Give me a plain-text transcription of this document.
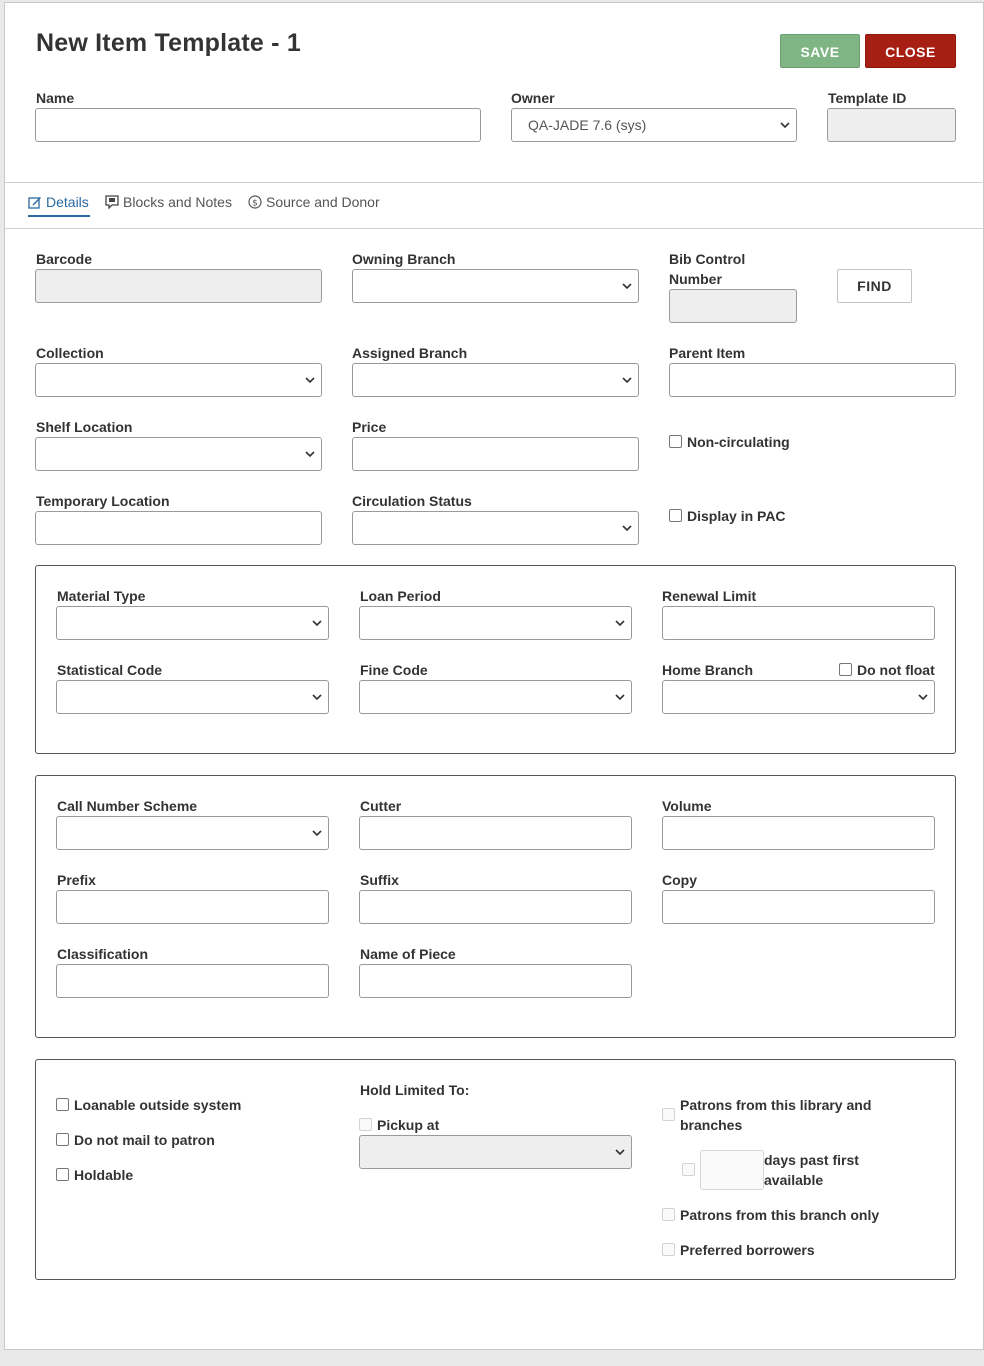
New Item Template - 1	SAVE	CLOSE
Name	Owner
QA-JADE 7.6 (sys)
Template ID
Details Blocks and Notes $ Source and Donor
Barcode	Owning Branch	Bib Control
Number	FIND
Collection	Assigned Branch	Parent Item
Shelf Location	Price
Non-circulating
Temporary Location	Circulation Status
Display in PAC
Material Type	Loan Period	Renewal Limit
Statistical Code	Fine Code	Home Branch	Do not float
Call Number Scheme	Cutter	Volume
Prefix	Suffix	Copy
Classification	Name of Piece
Loanable outside system
Do not mail to patron
Holdable
Hold Limited To:
Pickup at
Patrons from this library and
branches
days past first
available
Patrons from this branch only
Preferred borrowers
